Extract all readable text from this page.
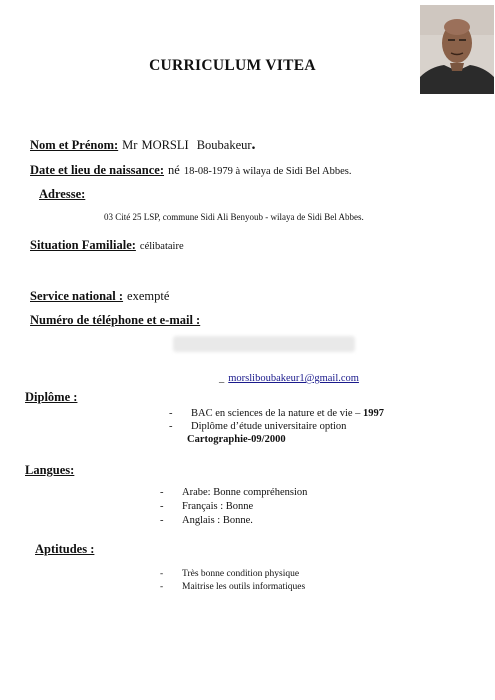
CURRICULUM VITEA
Nom et Prénom: Mr MORSLI Boubakeur.
Date et lieu de naissance: né 18-08-1979 à wilaya de Sidi Bel Abbes.
Adresse:
03 Cité 25 LSP, commune Sidi Ali Benyoub - wilaya de Sidi Bel Abbes.
Situation Familiale: célibataire
Service national : exempté
Numéro de téléphone et e-mail :
_ morsliboubakeur1@gmail.com
Diplôme :
- BAC en sciences de la nature et de vie – 1997
- Diplôme d’étude universitaire option
Cartographie-09/2000
Langues:
- Arabe: Bonne compréhension
- Français : Bonne
- Anglais : Bonne.
Aptitudes :
- Très bonne condition physique
- Maitrise les outils informatiques
